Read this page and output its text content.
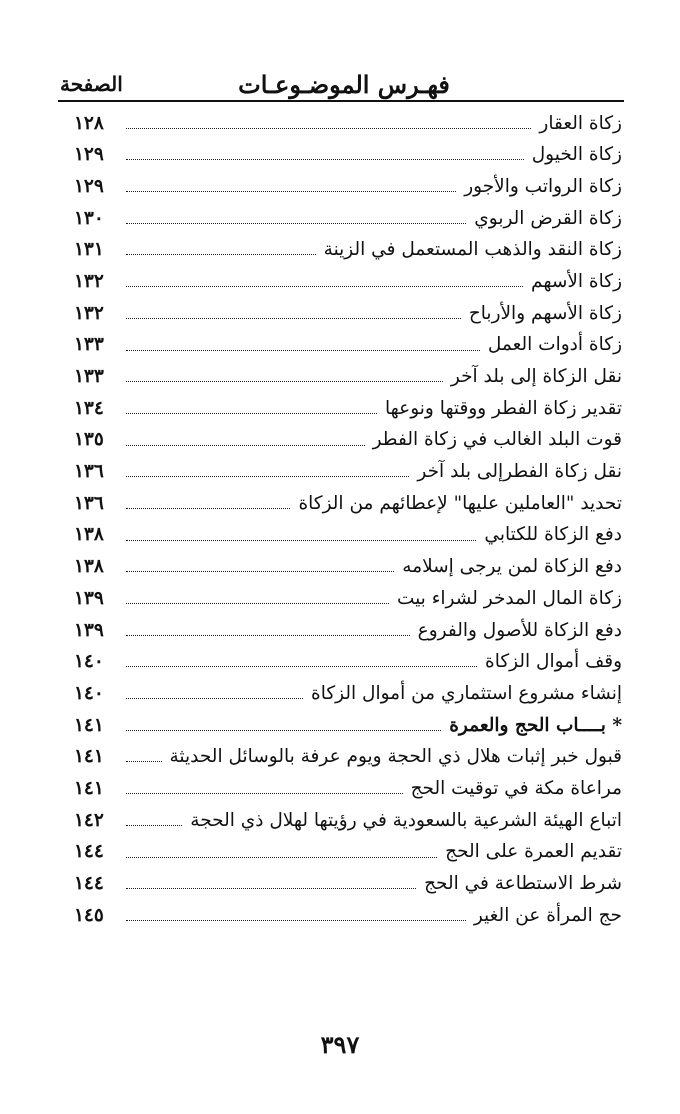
فهـرس الموضـوعـات
الصفحة
زكاة العقار
١٢٨
زكاة الخيول
١٢٩
زكاة الرواتب والأجور
١٢٩
زكاة القرض الربوي
١٣٠
زكاة النقد والذهب المستعمل في الزينة
١٣١
زكاة الأسهم
١٣٢
زكاة الأسهم والأرباح
١٣٢
زكاة أدوات العمل
١٣٣
نقل الزكاة إلى بلد آخر
١٣٣
تقدير زكاة الفطر ووقتها ونوعها
١٣٤
قوت البلد الغالب في زكاة الفطر
١٣٥
نقل زكاة الفطرإلى بلد آخر
١٣٦
تحديد "العاملين عليها" لإعطائهم من الزكاة
١٣٦
دفع الزكاة للكتابي
١٣٨
دفع الزكاة لمن يرجى إسلامه
١٣٨
زكاة المال المدخر لشراء بيت
١٣٩
دفع الزكاة للأصول والفروع
١٣٩
وقف أموال الزكاة
١٤٠
إنشاء مشروع استثماري من أموال الزكاة
١٤٠
* بــــاب الحج والعمرة
١٤١
قبول خبر إثبات هلال ذي الحجة ويوم عرفة بالوسائل الحديثة
١٤١
مراعاة مكة في توقيت الحج
١٤١
اتباع الهيئة الشرعية بالسعودية في رؤيتها لهلال ذي الحجة
١٤٢
تقديم العمرة على الحج
١٤٤
شرط الاستطاعة في الحج
١٤٤
حج المرأة عن الغير
١٤٥
٣٩٧
